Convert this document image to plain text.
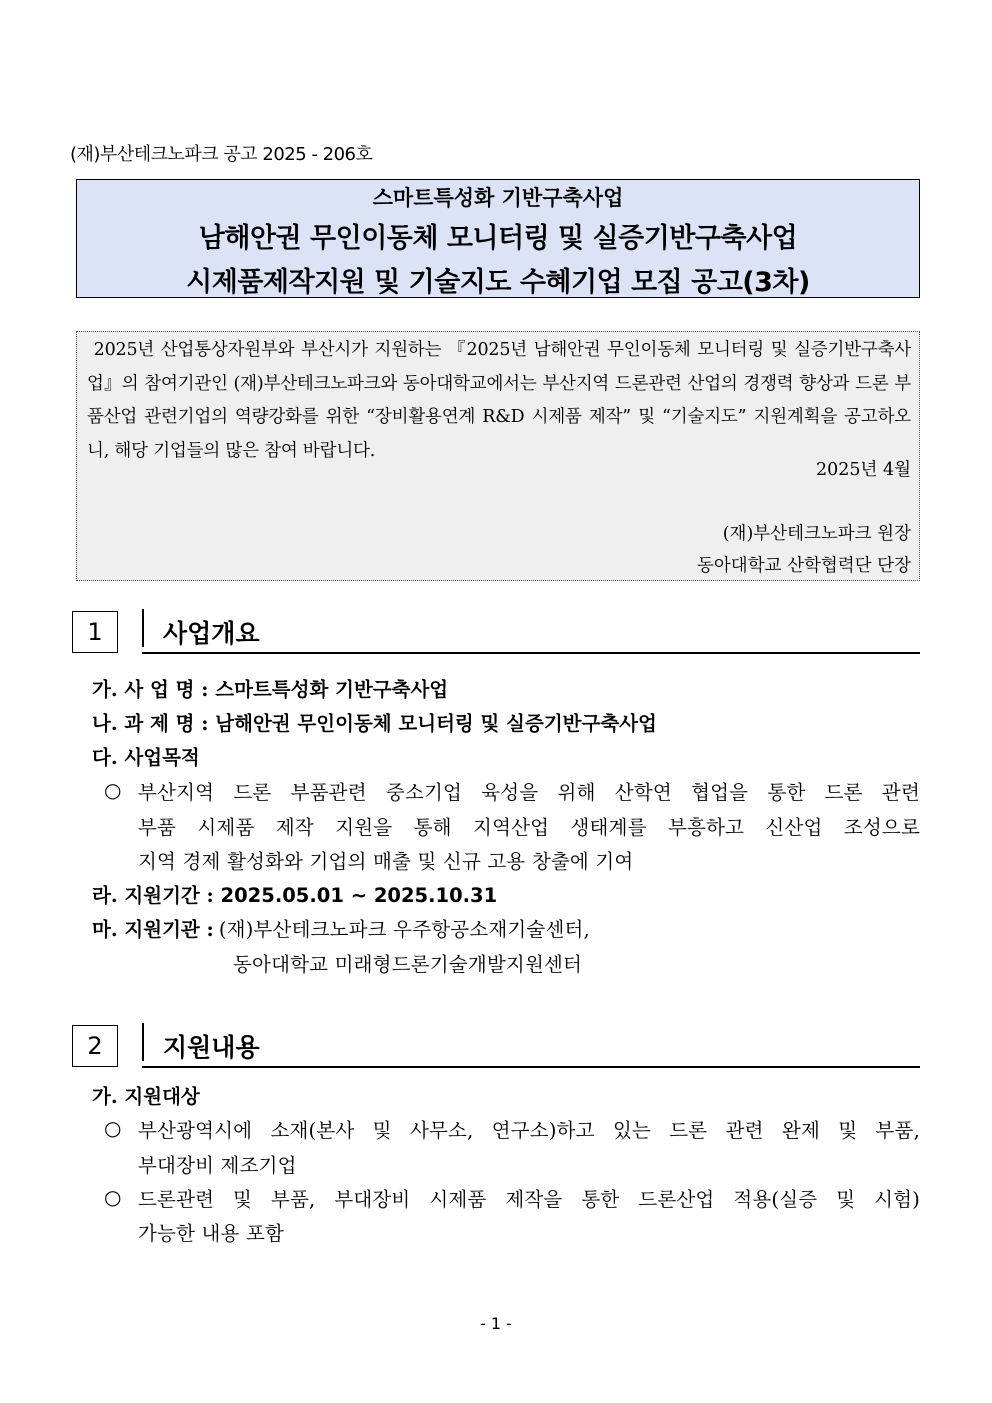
(재)부산테크노파크 공고 2025 - 206호
스마트특성화 기반구축사업
남해안권 무인이동체 모니터링 및 실증기반구축사업
시제품제작지원 및 기술지도 수혜기업 모집 공고(3차)
2025년 산업통상자원부와 부산시가 지원하는 『2025년 남해안권 무인이동체 모니터링 및 실증기반구축사업』의 참여기관인 (재)부산테크노파크와 동아대학교에서는 부산지역 드론관련 산업의 경쟁력 향상과 드론 부품산업 관련기업의 역량강화를 위한 “장비활용연계 R&D 시제품 제작” 및 “기술지도” 지원계획을 공고하오니, 해당 기업들의 많은 참여 바랍니다.
2025년 4월
(재)부산테크노파크 원장
동아대학교 산학협력단 단장
1	사업개요
가. 사 업 명 : 스마트특성화 기반구축사업
나. 과 제 명 : 남해안권 무인이동체 모니터링 및 실증기반구축사업
다. 사업목적
○ 부산지역 드론 부품관련 중소기업 육성을 위해 산학연 협업을 통한 드론 관련
부품 시제품 제작 지원을 통해 지역산업 생태계를 부흥하고 신산업 조성으로
지역 경제 활성화와 기업의 매출 및 신규 고용 창출에 기여
라. 지원기간 : 2025.05.01 ~ 2025.10.31
마. 지원기관 : (재)부산테크노파크 우주항공소재기술센터,
동아대학교 미래형드론기술개발지원센터
2	지원내용
가. 지원대상
○ 부산광역시에 소재(본사 및 사무소, 연구소)하고 있는 드론 관련 완제 및 부품,
부대장비 제조기업
○ 드론관련 및 부품, 부대장비 시제품 제작을 통한 드론산업 적용(실증 및 시험)
가능한 내용 포함
- 1 -
